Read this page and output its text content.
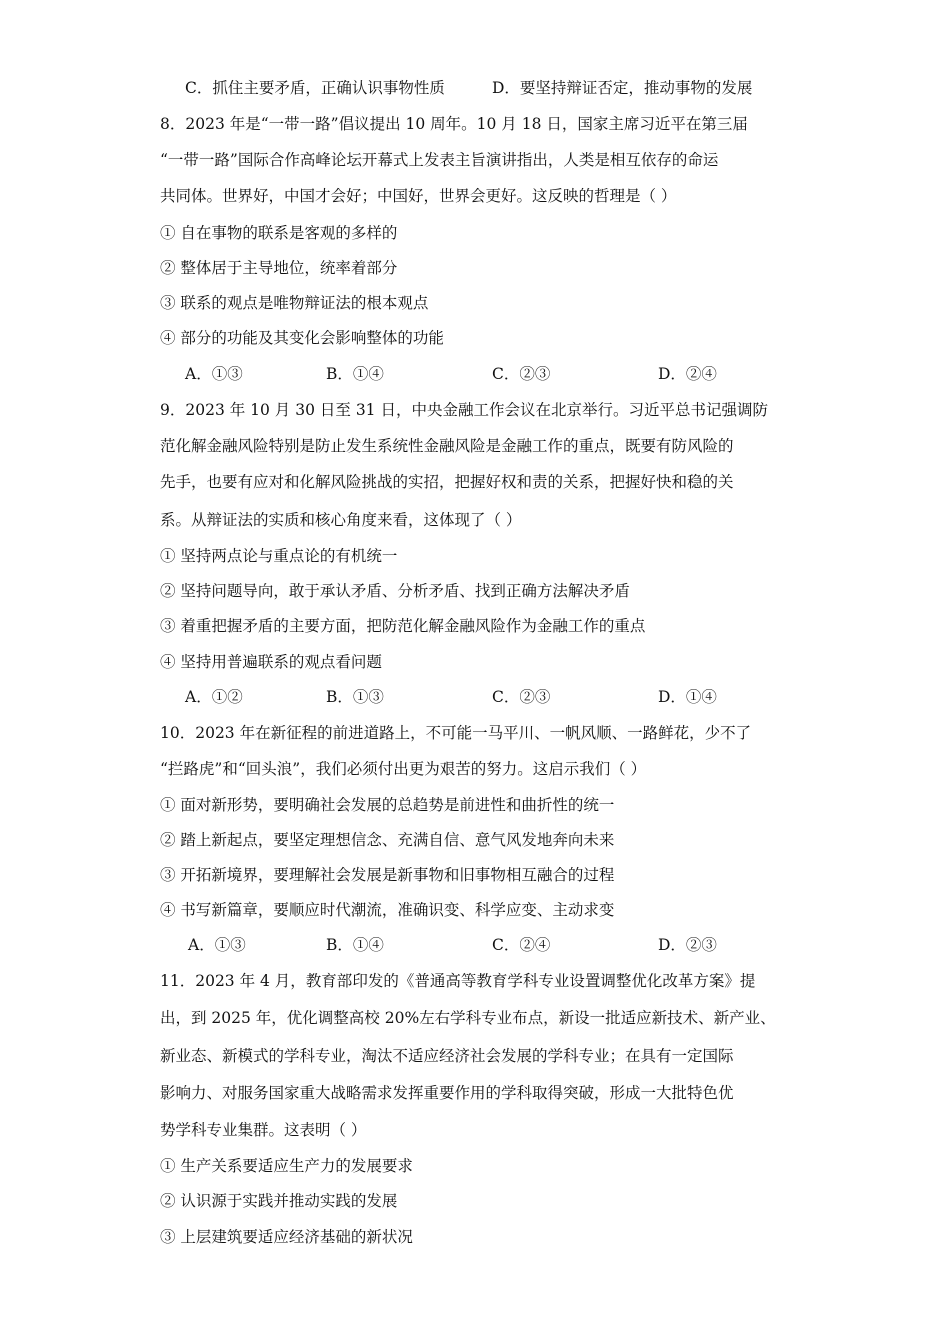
C．抓住主要矛盾，正确认识事物性质	D．要坚持辩证否定，推动事物的发展
8．2023 年是“一带一路”倡议提出 10 周年。10 月 18 日，国家主席习近平在第三届
“一带一路”国际合作高峰论坛开幕式上发表主旨演讲指出，人类是相互依存的命运
共同体。世界好，中国才会好；中国好，世界会更好。这反映的哲理是（ ）
① 自在事物的联系是客观的多样的
② 整体居于主导地位，统率着部分
③ 联系的观点是唯物辩证法的根本观点
④ 部分的功能及其变化会影响整体的功能
A．①③	B．①④	C．②③	D．②④
9．2023 年 10 月 30 日至 31 日，中央金融工作会议在北京举行。习近平总书记强调防
范化解金融风险特别是防止发生系统性金融风险是金融工作的重点，既要有防风险的
先手，也要有应对和化解风险挑战的实招，把握好权和责的关系，把握好快和稳的关
系。从辩证法的实质和核心角度来看，这体现了（ ）
① 坚持两点论与重点论的有机统一
② 坚持问题导向，敢于承认矛盾、分析矛盾、找到正确方法解决矛盾
③ 着重把握矛盾的主要方面，把防范化解金融风险作为金融工作的重点
④ 坚持用普遍联系的观点看问题
A．①②	B．①③	C．②③	D．①④
10．2023 年在新征程的前进道路上，不可能一马平川、一帆风顺、一路鲜花，少不了
“拦路虎”和“回头浪”，我们必须付出更为艰苦的努力。这启示我们（ ）
① 面对新形势，要明确社会发展的总趋势是前进性和曲折性的统一
② 踏上新起点，要坚定理想信念、充满自信、意气风发地奔向未来
③ 开拓新境界，要理解社会发展是新事物和旧事物相互融合的过程
④ 书写新篇章，要顺应时代潮流，准确识变、科学应变、主动求变
A．①③	B．①④	C．②④	D．②③
11．2023 年 4 月，教育部印发的《普通高等教育学科专业设置调整优化改革方案》提
出，到 2025 年，优化调整高校 20%左右学科专业布点，新设一批适应新技术、新产业、
新业态、新模式的学科专业，淘汰不适应经济社会发展的学科专业；在具有一定国际
影响力、对服务国家重大战略需求发挥重要作用的学科取得突破，形成一大批特色优
势学科专业集群。这表明（ ）
① 生产关系要适应生产力的发展要求
② 认识源于实践并推动实践的发展
③ 上层建筑要适应经济基础的新状况
